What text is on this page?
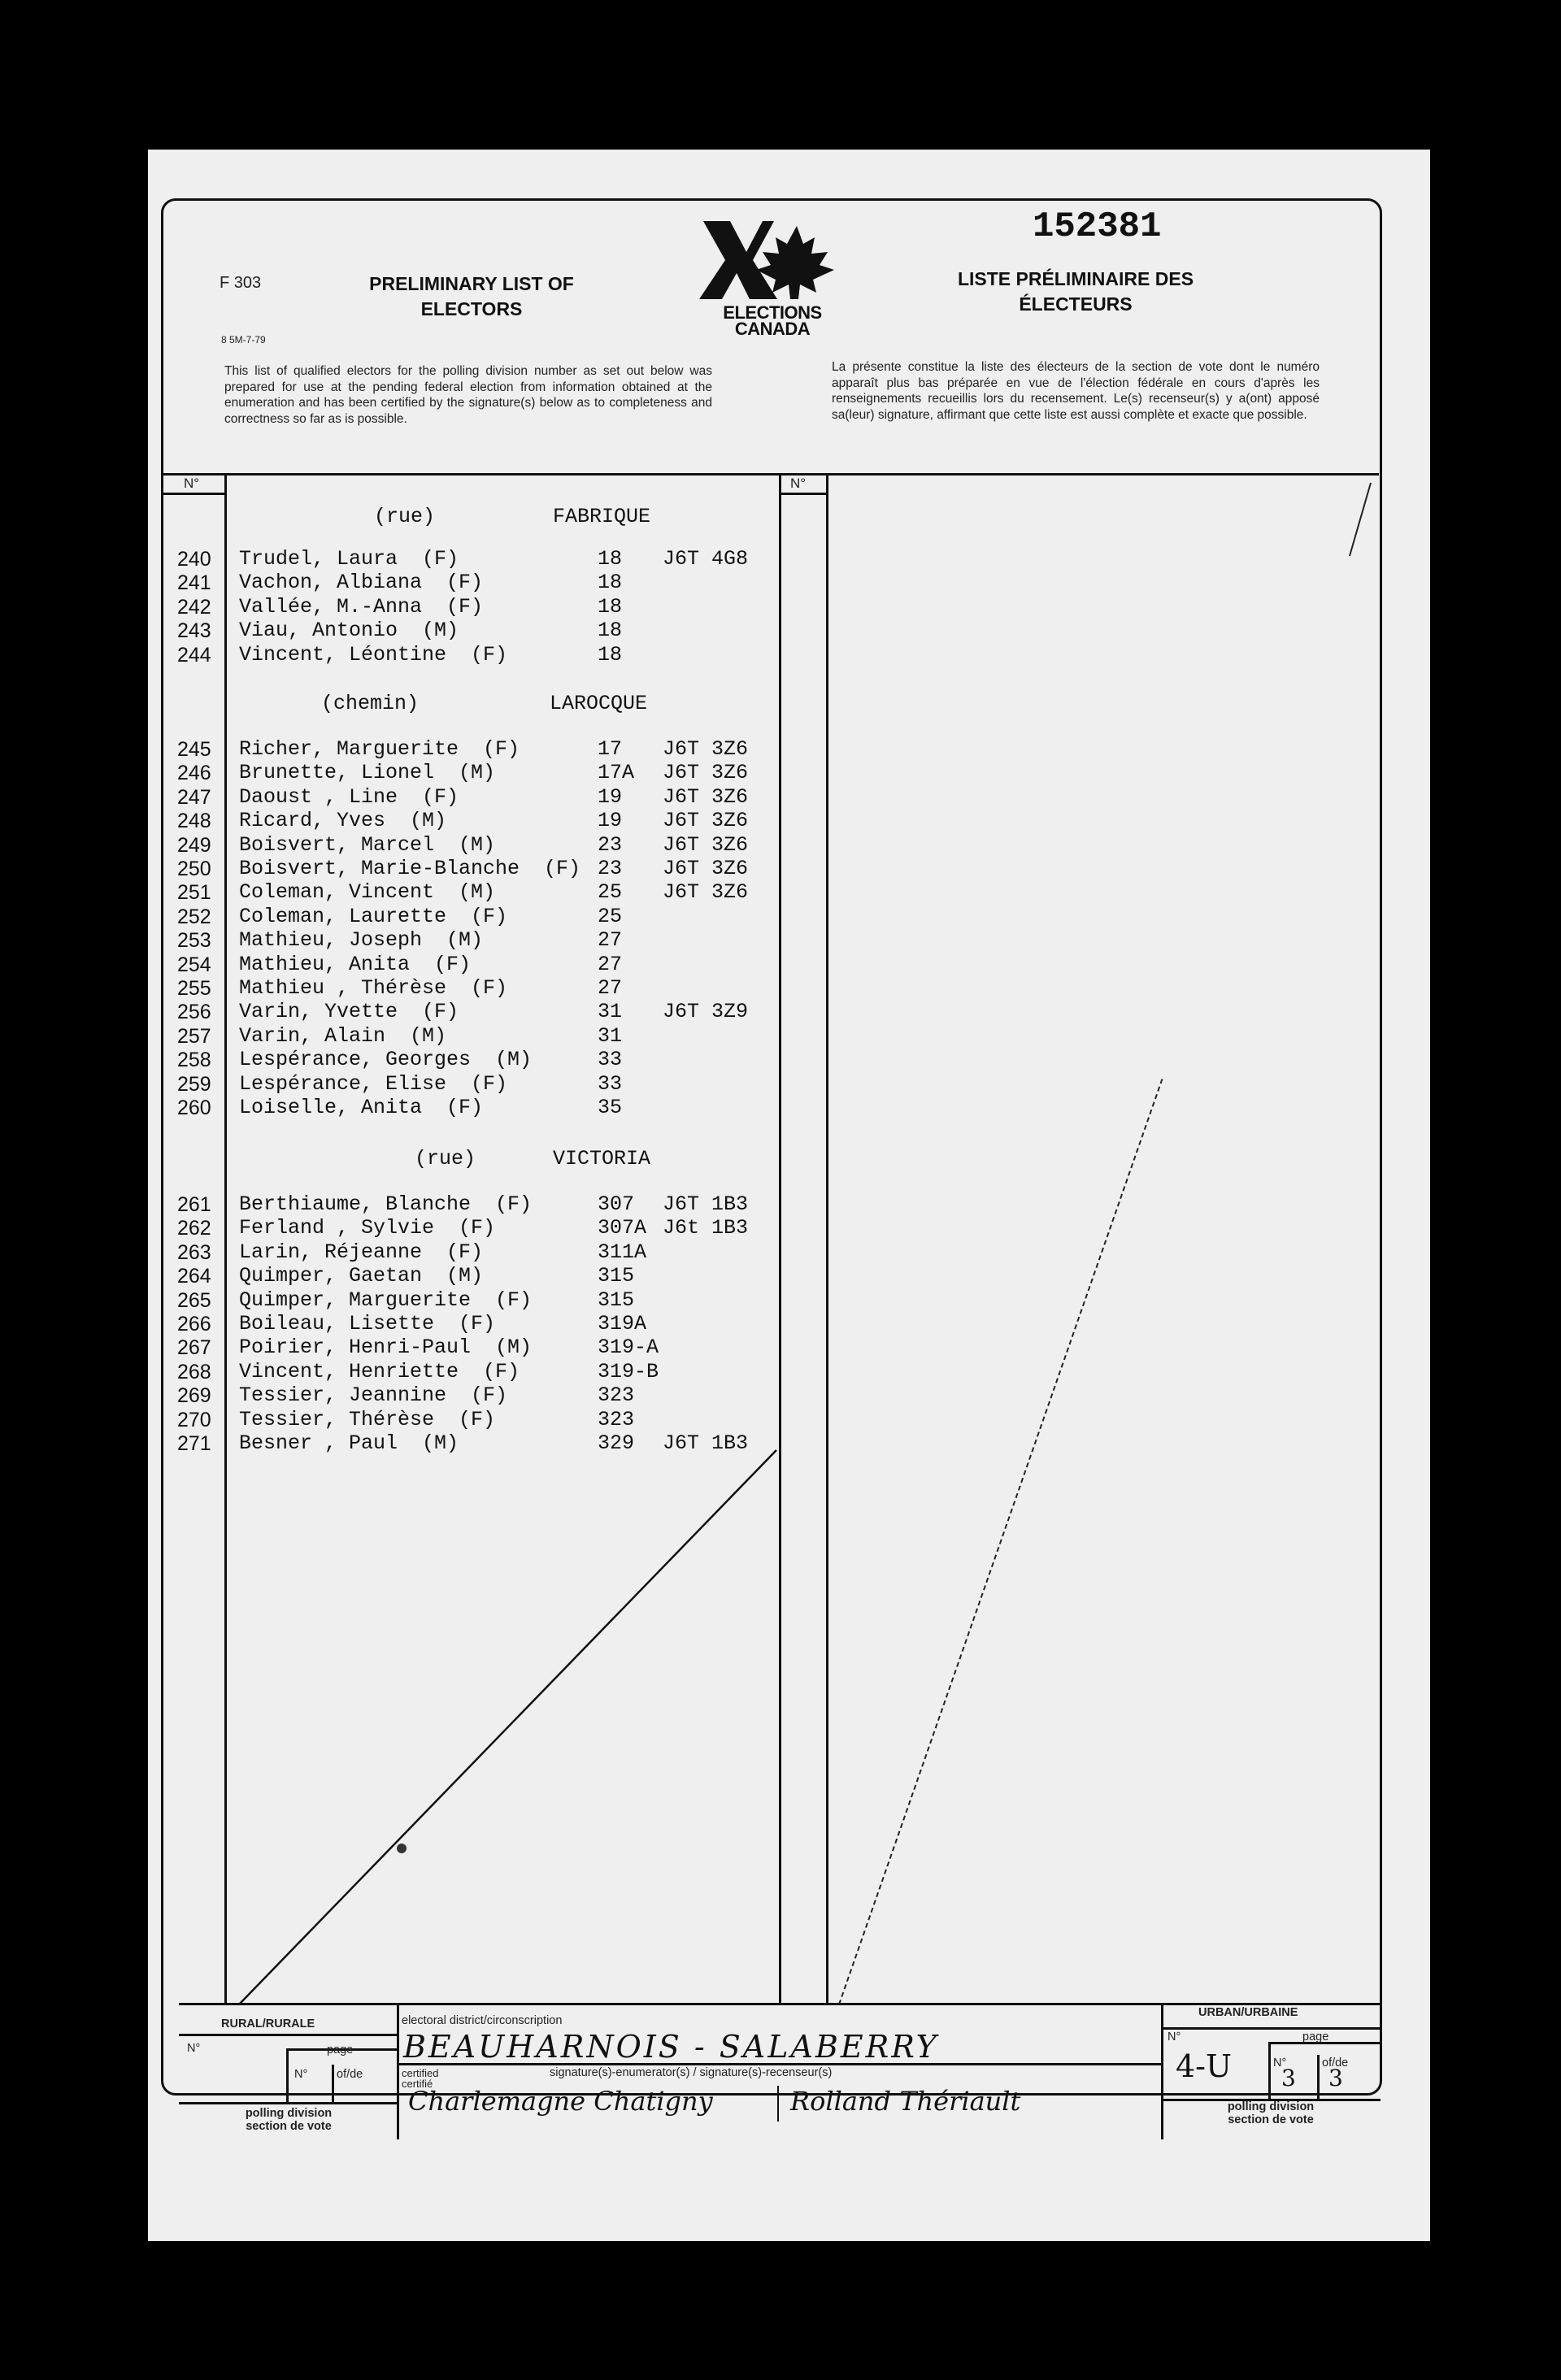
F 303
8 5M-7-79
PRELIMINARY LIST OF
ELECTORS
LISTE PRÉLIMINAIRE DES
ÉLECTEURS
152381
ELECTIONS
CANADA
This list of qualified electors for the polling division number as set out below was prepared for use at the pending federal election from information obtained at the enumeration and has been certified by the signature(s) below as to completeness and correctness so far as is possible.
La présente constitue la liste des électeurs de la section de vote dont le numéro apparaît plus bas préparée en vue de l'élection fédérale en cours d'après les renseignements recueillis lors du recensement. Le(s) recenseur(s) y a(ont) apposé sa(leur) signature, affirmant que cette liste est aussi complète et exacte que possible.
N°	N°
(rue)	FABRIQUE
240 Trudel, Laura (F)	18 J6T 4G8
241 Vachon, Albiana (F)	18
242 Vallée, M.-Anna (F)	18
243 Viau, Antonio (M)	18
244 Vincent, Léontine (F)	18
(chemin)	LAROCQUE
245 Richer, Marguerite (F)	17 J6T 3Z6
246 Brunette, Lionel (M)	17A J6T 3Z6
247 Daoust , Line (F)	19 J6T 3Z6
248 Ricard, Yves (M)	19 J6T 3Z6
249 Boisvert, Marcel (M)	23 J6T 3Z6
250 Boisvert, Marie-Blanche (F) 23 J6T 3Z6
251 Coleman, Vincent (M)	25 J6T 3Z6
252 Coleman, Laurette (F)	25
253 Mathieu, Joseph (M)	27
254 Mathieu, Anita (F)	27
255 Mathieu , Thérèse (F)	27
256 Varin, Yvette (F)	31 J6T 3Z9
257 Varin, Alain (M)	31
258 Lespérance, Georges (M)	33
259 Lespérance, Elise (F)	33
260 Loiselle, Anita (F)	35
(rue)	VICTORIA
261 Berthiaume, Blanche (F)	307 J6T 1B3
262 Ferland , Sylvie (F)	307A J6t 1B3
263 Larin, Réjeanne (F)	311A
264 Quimper, Gaetan (M)	315
265 Quimper, Marguerite (F)	315
266 Boileau, Lisette (F)	319A
267 Poirier, Henri-Paul (M)	319-A
268 Vincent, Henriette (F)	319-B
269 Tessier, Jeannine (F)	323
270 Tessier, Thérèse (F)	323
271 Besner , Paul (M)	329 J6T 1B3
RURAL/RURALE
URBAN/URBAINE
N°	page
N° of/de
polling division
section de vote
N°	page
N°	of/de
polling division
section de vote
electoral district/circonscription
BEAUHARNOIS - SALABERRY
certified
certifié
signature(s)-enumerator(s) / signature(s)-recenseur(s)
Charlemagne Chatigny	Rolland Thériault
4-U 3 3
